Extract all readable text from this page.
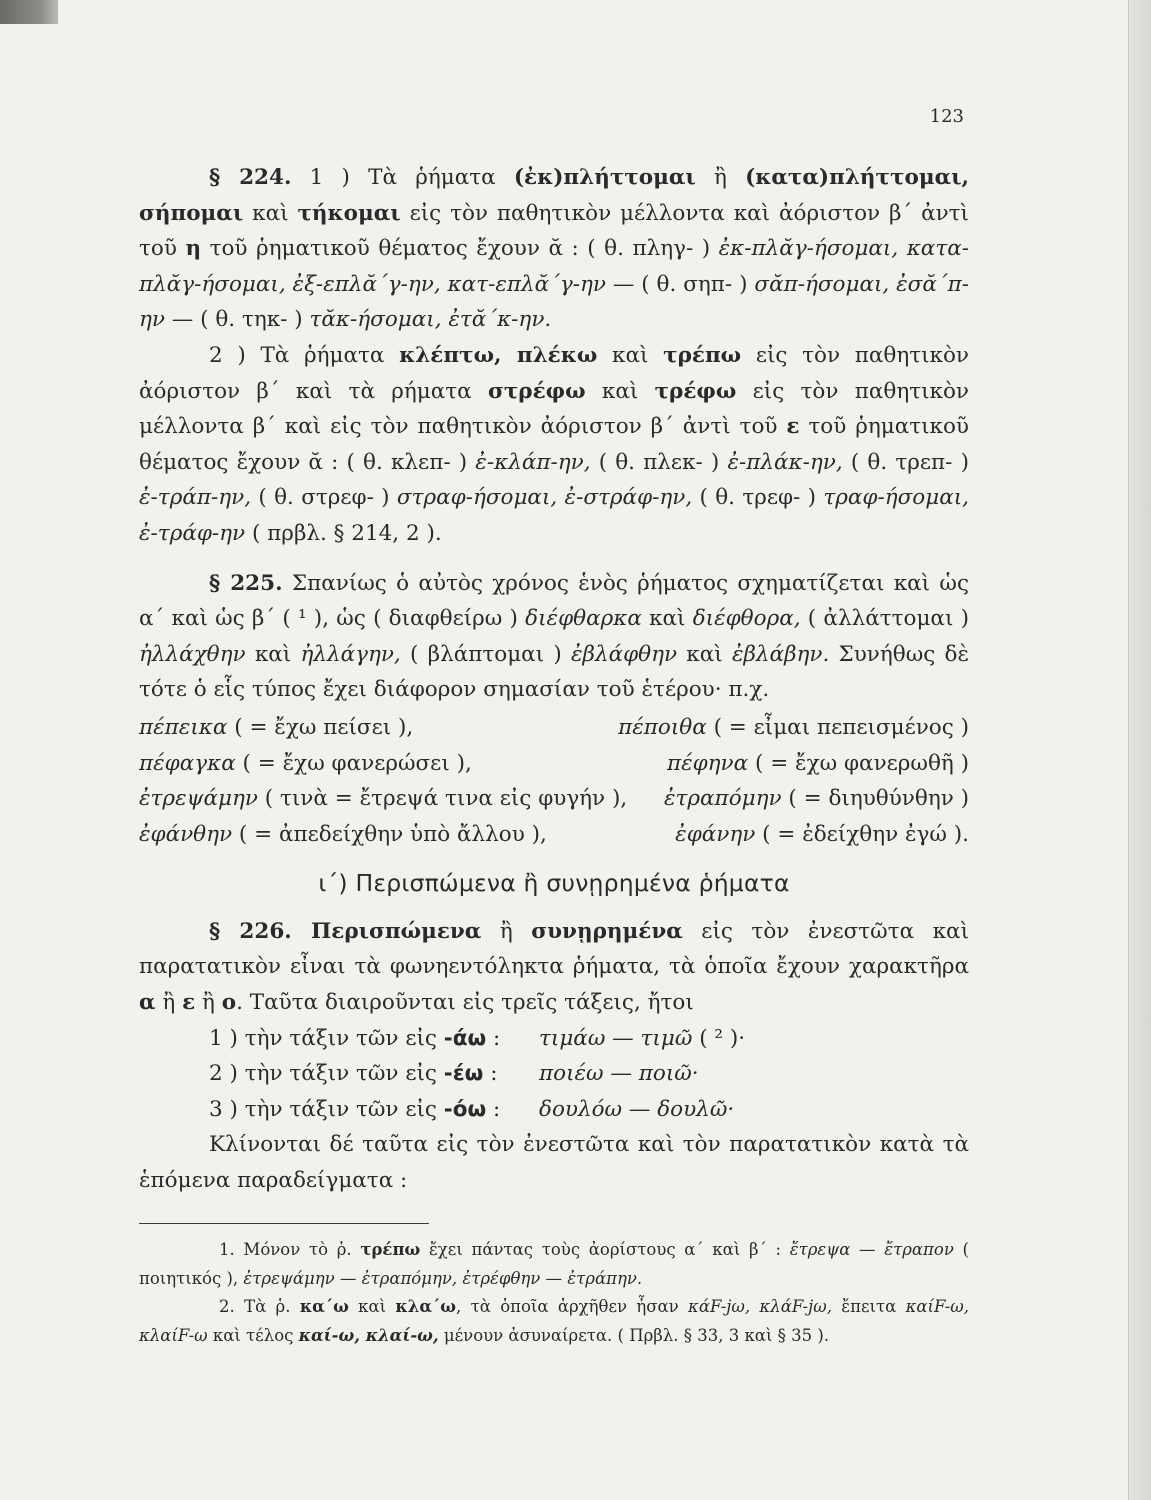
123

§ 224. 1 ) Τὰ ῥήματα (ἐκ)πλήττομαι ἢ (κατα)πλήττομαι, σήπομαι καὶ τήκομαι εἰς τὸν παθητικὸν μέλλοντα καὶ ἀόριστον β΄ ἀντὶ τοῦ η τοῦ ῥηματικοῦ θέματος ἔχουν ᾰ : ( θ. πληγ- ) ἐκ-πλᾰγ-ήσομαι, κατα-πλᾰγ-ήσομαι, ἐξ-επλᾰ΄γ-ην, κατ-επλᾰ΄γ-ην — ( θ. σηπ- ) σᾰπ-ήσομαι, ἐσᾰ΄π-ην — ( θ. τηκ- ) τᾰκ-ήσομαι, ἐτᾰ΄κ-ην.

2 ) Τὰ ῥήματα κλέπτω, πλέκω καὶ τρέπω εἰς τὸν παθητικὸν ἀόριστον β΄ καὶ τὰ ρήματα στρέφω καὶ τρέφω εἰς τὸν παθητικὸν μέλλοντα β΄ καὶ εἰς τὸν παθητικὸν ἀόριστον β΄ ἀντὶ τοῦ ε τοῦ ῥηματικοῦ θέματος ἔχουν ᾰ : ( θ. κλεπ- ) ἐ-κλάπ-ην, ( θ. πλεκ- ) ἐ-πλάκ-ην, ( θ. τρεπ- ) ἐ-τράπ-ην, ( θ. στρεφ- ) στραφ-ήσομαι, ἐ-στράφ-ην, ( θ. τρεφ- ) τραφ-ήσομαι, ἐ-τράφ-ην ( πρβλ. § 214, 2 ).

§ 225. Σπανίως ὁ αὐτὸς χρόνος ἑνὸς ῥήματος σχηματίζεται καὶ ὡς α΄ καὶ ὡς β΄ ( ¹ ), ὡς ( διαφθείρω ) διέφθαρκα καὶ διέφθορα, ( ἀλλάττομαι ) ἠλλάχθην καὶ ἠλλάγην, ( βλάπτομαι ) ἐβλάφθην καὶ ἐβλάβην. Συνήθως δὲ τότε ὁ εἷς τύπος ἔχει διάφορον σημασίαν τοῦ ἑτέρου· π.χ.

πέπεικα ( = ἔχω πείσει ),	πέποιθα ( = εἶμαι πεπεισμένος )
πέφαγκα ( = ἔχω φανερώσει ),	πέφηνα ( = ἔχω φανερωθῆ )
ἐτρεψάμην ( τινὰ = ἔτρεψά τινα εἰς φυγήν ), ἐτραπόμην ( = διηυθύνθην )
ἐφάνθην ( = ἀπεδείχθην ὑπὸ ἄλλου ),	ἐφάνην ( = ἐδείχθην ἐγώ ).
ι΄) Περισπώμενα ἢ συνῃρημένα ῥήματα

§ 226. Περισπώμενα ἢ συνῃρημένα εἰς τὸν ἐνεστῶτα καὶ παρατατικὸν εἶναι τὰ φωνηεντόληκτα ῥήματα, τὰ ὁποῖα ἔχουν χαρακτῆρα α ἢ ε ἢ ο. Ταῦτα διαιροῦνται εἰς τρεῖς τάξεις, ἤτοι

1 ) τὴν τάξιν τῶν εἰς -άω :	τιμάω — τιμῶ ( ² )·
2 ) τὴν τάξιν τῶν εἰς -έω :	ποιέω — ποιῶ·
3 ) τὴν τάξιν τῶν εἰς -όω :	δουλόω — δουλῶ·

Κλίνονται δέ ταῦτα εἰς τὸν ἐνεστῶτα καὶ τὸν παρατατικὸν κατὰ τὰ ἑπόμενα παραδείγματα :

1. Μόνον τὸ ῥ. τρέπω ἔχει πάντας τοὺς ἀορίστους α΄ καὶ β΄ : ἔτρεψα — ἔτραπον ( ποιητικός ), ἐτρεψάμην — ἐτραπόμην, ἐτρέφθην — ἐτράπην.

2. Τὰ ῥ. κα΄ω καὶ κλα΄ω, τὰ ὁποῖα ἀρχῆθεν ἦσαν κάF-jω, κλάF-jω, ἔπειτα καίF-ω, κλαίF-ω καὶ τέλος καί-ω, κλαί-ω, μένουν ἀσυναίρετα. ( Πρβλ. § 33, 3 καὶ § 35 ).
